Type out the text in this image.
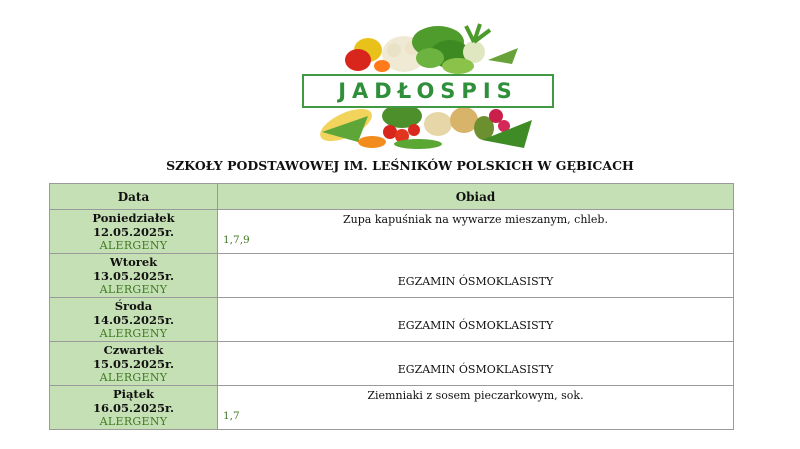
JADŁOSPIS
SZKOŁY PODSTAWOWEJ IM. LEŚNIKÓW POLSKICH W GĘBICACH
Data	Obiad

Poniedziałek
12.05.2025r.
ALERGENY	Zupa kapuśniak na wywarze mieszanym, chleb.
1,7,9

Wtorek
13.05.2025r.
ALERGENY	EGZAMIN ÓSMOKLASISTY

Środa
14.05.2025r.
ALERGENY	EGZAMIN ÓSMOKLASISTY

Czwartek
15.05.2025r.
ALERGENY	EGZAMIN ÓSMOKLASISTY

Piątek
16.05.2025r.
ALERGENY	Ziemniaki z sosem pieczarkowym, sok.
1,7
